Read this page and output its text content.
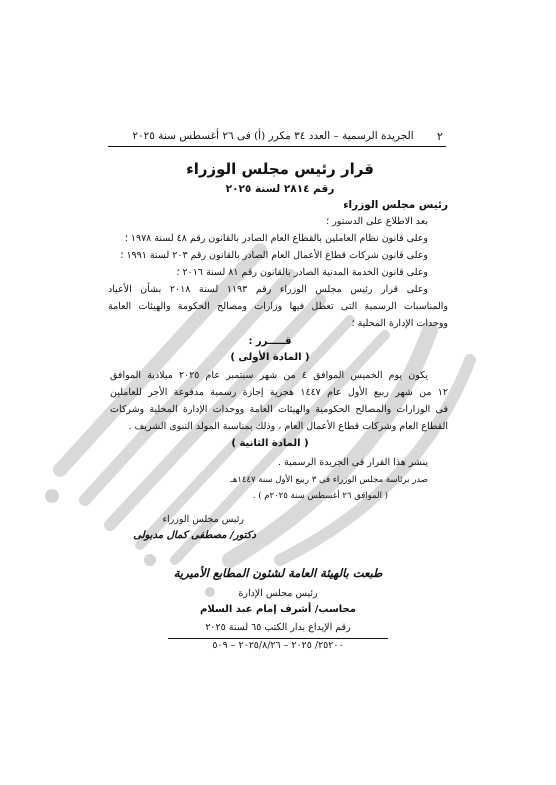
٢
الجريدة الرسمية – العدد ٣٤ مكرر (أ) فى ٢٦ أغسطس سنة ٢٠٢٥
قرار رئيس مجلس الوزراء
رقم ٢٨١٤ لسنة ٢٠٢٥
رئيس مجلس الوزراء
بعد الاطلاع على الدستور ؛
وعلى قانون نظام العاملين بالقطاع العام الصادر بالقانون رقم ٤٨ لسنة ١٩٧٨ ؛
وعلى قانون شركات قطاع الأعمال العام الصادر بالقانون رقم ٢٠٣ لسنة ١٩٩١ ؛
وعلى قانون الخدمة المدنية الصادر بالقانون رقم ٨١ لسنة ٢٠١٦ ؛
وعلى قرار رئيس مجلس الوزراء رقم ١١٩٣ لسنة ٢٠١٨ بشأن الأعياد
والمناسبات الرسمية التى تعطل فيها وزارات ومصالح الحكومة والهيئات العامة
ووحدات الإدارة المحلية ؛
قـــــرر :
( المادة الأولى )
يكون يوم الخميس الموافق ٤ من شهر سبتمبر عام ٢٠٢٥ ميلادية الموافق
١٢ من شهر ربيع الأول عام ١٤٤٧ هجرية إجازة رسمية مدفوعة الأجر للعاملين
فى الوزارات والمصالح الحكومية والهيئات العامة ووحدات الإدارة المحلية وشركات
القطاع العام وشركات قطاع الأعمال العام ، وذلك بمناسبة المولد النبوى الشريف .
( المادة الثانية )
ينشر هذا القرار فى الجريدة الرسمية .
صدر برئاسة مجلس الوزراء فى ٣ ربيع الأول سنة ١٤٤٧هـ
( الموافق ٢٦ أغسطس سنة ٢٠٢٥م ) .
رئيس مجلس الوزراء
دكتور/ مصطفى كمال مدبولى
طبعت بالهيئة العامة لشئون المطابع الأميرية
رئيس مجلس الإدارة
محاسب/ أشرف إمام عبد السلام
رقم الإيداع بدار الكتب ٦٥ لسنة ٢٠٢٥
٢٥٢٠٠/ ٢٠٢٥ – ٢٠٢٥/٨/٢٦ – ٥٠٩
